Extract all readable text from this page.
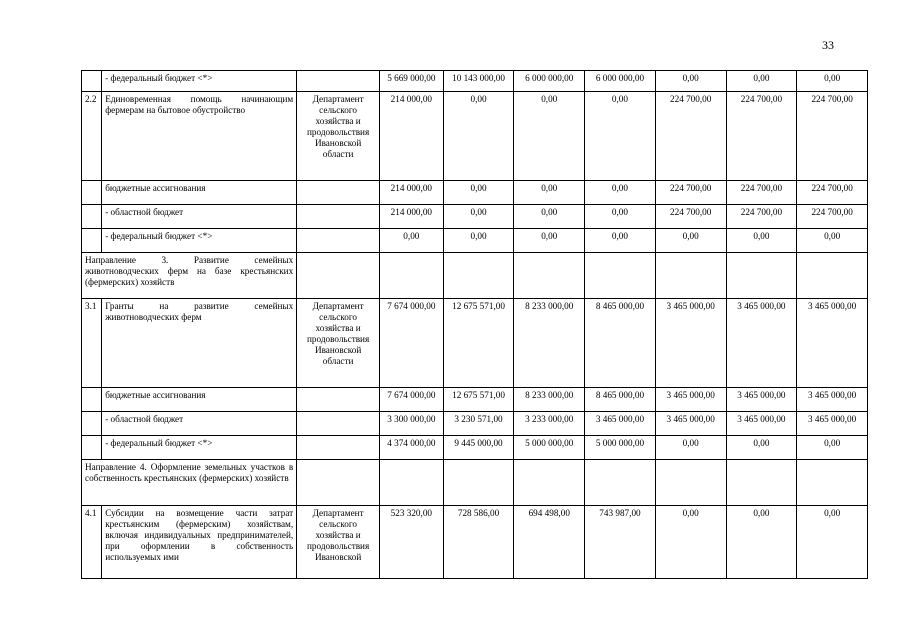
33
	- федеральный бюджет <*>		5 669 000,00	10 143 000,00	6 000 000,00	6 000 000,00	0,00	0,00	0,00
2.2	Единовременная помощь начинающим фермерам на бытовое обустройство	Департамент сельского хозяйства и продовольствия Ивановской области	214 000,00	0,00	0,00	0,00	224 700,00	224 700,00	224 700,00
	бюджетные ассигнования		214 000,00	0,00	0,00	0,00	224 700,00	224 700,00	224 700,00
	- областной бюджет		214 000,00	0,00	0,00	0,00	224 700,00	224 700,00	224 700,00
	- федеральный бюджет <*>		0,00	0,00	0,00	0,00	0,00	0,00	0,00
Направление 3. Развитие семейных животноводческих ферм на базе крестьянских (фермерских) хозяйств									
3.1	Гранты на развитие семейных животноводческих ферм	Департамент сельского хозяйства и продовольствия Ивановской области	7 674 000,00	12 675 571,00	8 233 000,00	8 465 000,00	3 465 000,00	3 465 000,00	3 465 000,00
	бюджетные ассигнования		7 674 000,00	12 675 571,00	8 233 000,00	8 465 000,00	3 465 000,00	3 465 000,00	3 465 000,00
	- областной бюджет		3 300 000,00	3 230 571,00	3 233 000,00	3 465 000,00	3 465 000,00	3 465 000,00	3 465 000,00
	- федеральный бюджет <*>		4 374 000,00	9 445 000,00	5 000 000,00	5 000 000,00	0,00	0,00	0,00
Направление 4. Оформление земельных участков в собственность крестьянских (фермерских) хозяйств									
4.1	Субсидии на возмещение части затрат крестьянским (фермерским) хозяйствам, включая индивидуальных предпринимателей, при оформлении в собственность используемых ими	Департамент сельского хозяйства и продовольствия Ивановской	523 320,00	728 586,00	694 498,00	743 987,00	0,00	0,00	0,00
